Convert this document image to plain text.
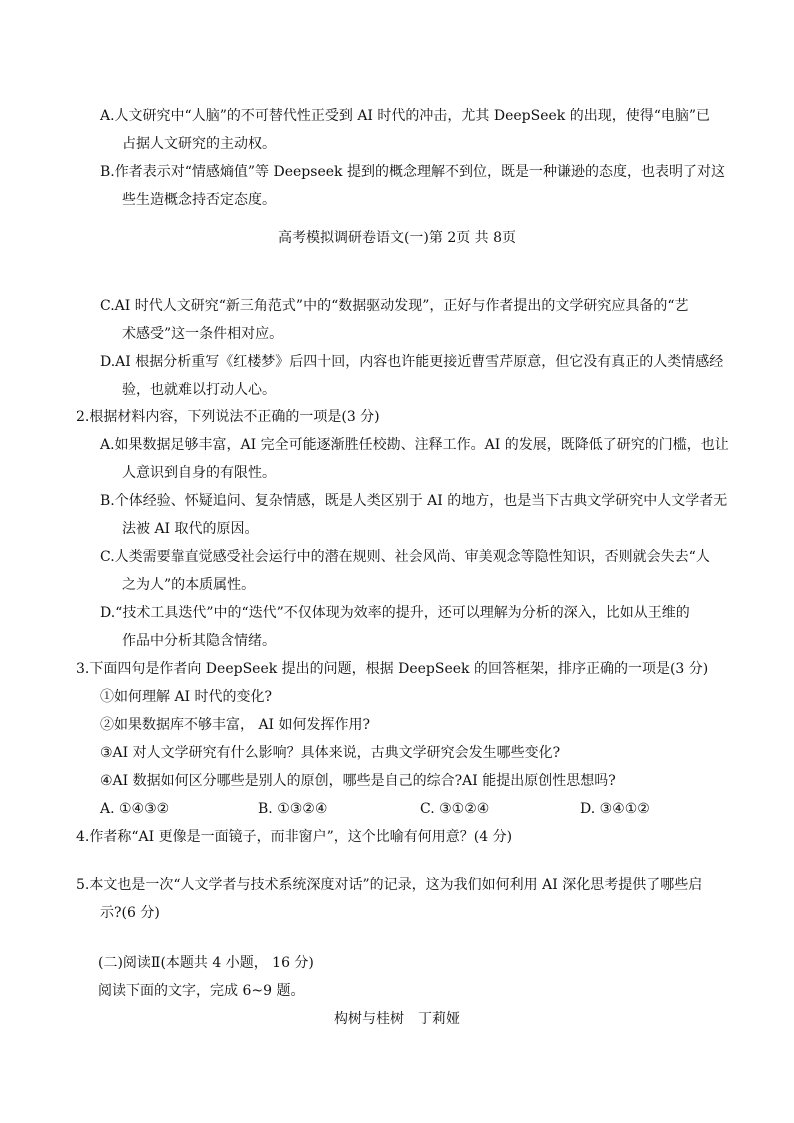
A.人文研究中“人脑”的不可替代性正受到 AI 时代的冲击，尤其 DeepSeek 的出现，使得“电脑”已
占据人文研究的主动权。
B.作者表示对“情感熵值”等 Deepseek 提到的概念理解不到位，既是一种谦逊的态度，也表明了对这
些生造概念持否定态度。
高考模拟调研卷语文(一)第 2页 共 8页
C.AI 时代人文研究“新三角范式”中的“数据驱动发现”，正好与作者提出的文学研究应具备的“艺
术感受”这一条件相对应。
D.AI 根据分析重写《红楼梦》后四十回，内容也许能更接近曹雪芹原意，但它没有真正的人类情感经
验，也就难以打动人心。
2.根据材料内容，下列说法不正确的一项是(3 分)
A.如果数据足够丰富，AI 完全可能逐渐胜任校勘、注释工作。AI 的发展，既降低了研究的门槛，也让
人意识到自身的有限性。
B.个体经验、怀疑追问、复杂情感，既是人类区别于 AI 的地方，也是当下古典文学研究中人文学者无
法被 AI 取代的原因。
C.人类需要靠直觉感受社会运行中的潜在规则、社会风尚、审美观念等隐性知识，否则就会失去“人
之为人”的本质属性。
D.“技术工具迭代”中的“迭代”不仅体现为效率的提升，还可以理解为分析的深入，比如从王维的
作品中分析其隐含情绪。
3.下面四句是作者向 DeepSeek 提出的问题，根据 DeepSeek 的回答框架，排序正确的一项是(3 分)
①如何理解 AI 时代的变化?
②如果数据库不够丰富， AI 如何发挥作用?
③AI 对人文学研究有什么影响？具体来说，古典文学研究会发生哪些变化?
④AI 数据如何区分哪些是别人的原创，哪些是自己的综合?AI 能提出原创性思想吗?
A. ①④③②	B. ①③②④	C. ③①②④	D. ③④①②
4.作者称“AI 更像是一面镜子，而非窗户”，这个比喻有何用意？(4 分)
5.本文也是一次“人文学者与技术系统深度对话”的记录，这为我们如何利用 AI 深化思考提供了哪些启
示?(6 分)
(二)阅读Ⅱ(本题共 4 小题， 16 分)
阅读下面的文字，完成 6~9 题。
构树与桂树　丁莉娅
